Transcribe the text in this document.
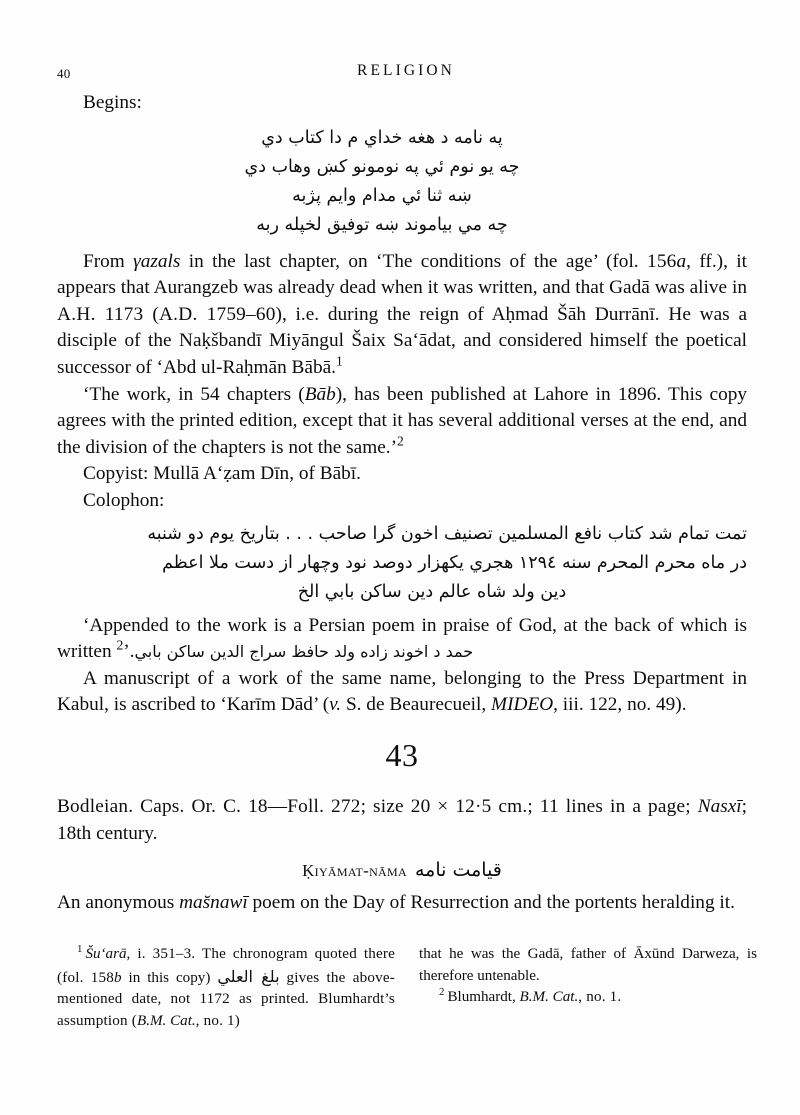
40	RELIGION

Begins:

په نامه د هغه خداي م دا كتاب دي

چه يو نوم ئي په نومونو كښ وهاب دي

ښه ثنا ئي مدام وايم پژبه

چه مي بياموند ښه توفيق لخپله ربه

From γazals in the last chapter, on ‘The conditions of the age’ (fol. 156a, ff.), it appears that Aurangzeb was already dead when it was written, and that Gadā was alive in A.H. 1173 (A.D. 1759–60), i.e. during the reign of Aḥmad Šāh Durrānī. He was a disciple of the Naḳšbandī Miyāngul Šaix Sa‘ādat, and considered himself the poetical successor of ‘Abd ul-Raḥmān Bābā.$^1$

‘The work, in 54 chapters (Bāb), has been published at Lahore in 1896. This copy agrees with the printed edition, except that it has several additional verses at the end, and the division of the chapters is not the same.’$^2$

Copyist: Mullā A‘ẓam Dīn, of Bābī.

Colophon:

تمت تمام شد كتاب نافع المسلمين تصنيف اخون گرا صاحب . . . بتاريخ يوم دو شنبه

در ماه محرم المحرم سنه ١٢٩٤ هجري يكهزار دوصد نود وچهار از دست ملا اعظم

دين ولد شاه عالم دين ساكن بابي الخ

‘Appended to the work is a Persian poem in praise of God, at the back of which is written حمد د اخوند زاده ولد حافظ سراج الدين ساكن بابي.’$^2$

A manuscript of a work of the same name, belonging to the Press Department in Kabul, is ascribed to ‘Karīm Dād’ (v. S. de Beaurecueil, MIDEO, iii. 122, no. 49).

43

Bodleian. Caps. Or. C. 18—Foll. 272; size 20 × 12·5 cm.; 11 lines in a page; Nasxī; 18th century.

Ḳiyāmat-nāma قيامت نامه

An anonymous mas̆nawī poem on the Day of Resurrection and the portents heralding it.

$^1$ Šu‘arā, i. 351–3. The chronogram quoted there (fol. 158b in this copy) بلغ العلي gives the above-mentioned date, not 1172 as printed. Blumhardt’s assumption (B.M. Cat., no. 1)

that he was the Gadā, father of Āxūnd Darweza, is therefore untenable.

$^2$ Blumhardt, B.M. Cat., no. 1.
